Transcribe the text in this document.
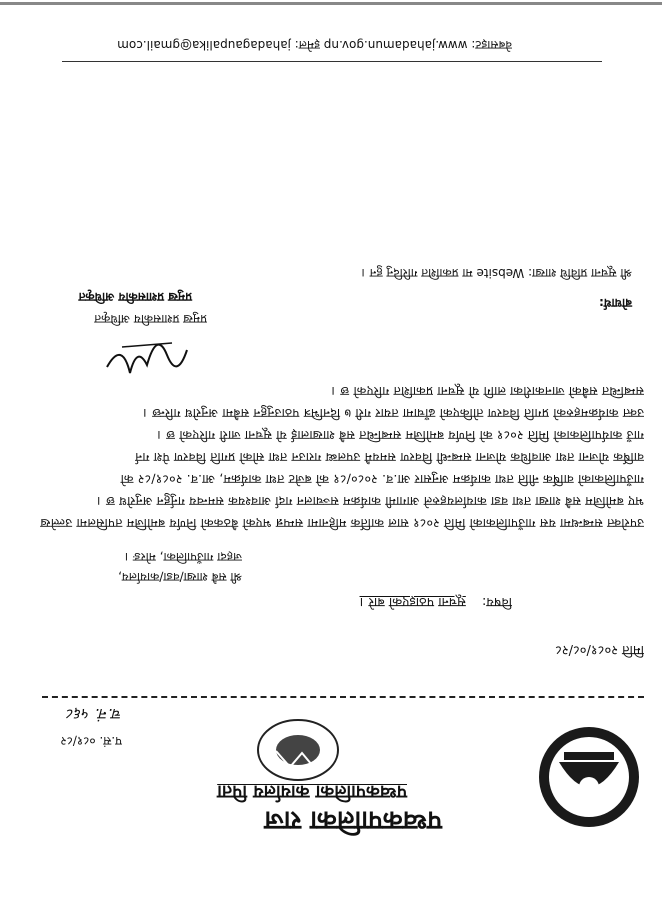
पथ्वकपालिका राज
पथ्वकपालिका कार्यालय पिता
प.सं. ०८१/८२
च.नं. ५६८
मिति २०८१/०८/२८
विषय: सूचना पठाइएको बारे ।
श्री सबै शाखा/वडा/कार्यालय,
जहदा गाउँपालिका, मोरङ ।
उपरोक्त सम्बन्धमा यस गाउँपालिकाको मिति २०८१ साल कार्तिक महिनामा सम्पन्न भएको बैठकको निर्णय बमोजिम तपसिलमा उल्लेख
भए बमोजिम सबै शाखा तथा वडा कार्यालयहरुले आगामी कार्यक्रम सञ्चालन गर्दा आवश्यक समन्वय गर्नुहुन अनुरोध छ ।
गाउँपालिकाको वार्षिक नीति तथा कार्यक्रम अनुसार आ.व. २०८०/८१ को बजेट तथा कार्यक्रम, आ.व. २०८१/८२ को
वार्षिक योजना तथा आवधिक योजना सम्बन्धी विवरण समयमै उपलब्ध गराउन तथा सोको प्रगति विवरण पेश गर्न
गाउँ कार्यपालिकाको मिति २०८१ को निर्णय बमोजिम सम्बन्धित सबै शाखालाई यो सूचना जारी गरिएको छ ।
उक्त कार्यक्रमहरुको प्रगति विवरण तोकिएको ढाँचामा तयार गरी ७ दिनभित्र पठाउनुहुन सबैमा अनुरोध गरिन्छ ।
सम्बन्धित सबैको जानकारीका लागि यो सूचना प्रकाशित गरिएको छ ।
प्रमुख प्रशासकीय अधिकृत
प्रमुख प्रशासकीय अधिकृत	बोधार्थ:
श्री सूचना प्रविधि शाखा: Website मा प्रकाशित गरिदिनु हुन ।
वेबसाइट: www.jahadamun.gov.np इमेल: jahadagaupalika@gmail.com
